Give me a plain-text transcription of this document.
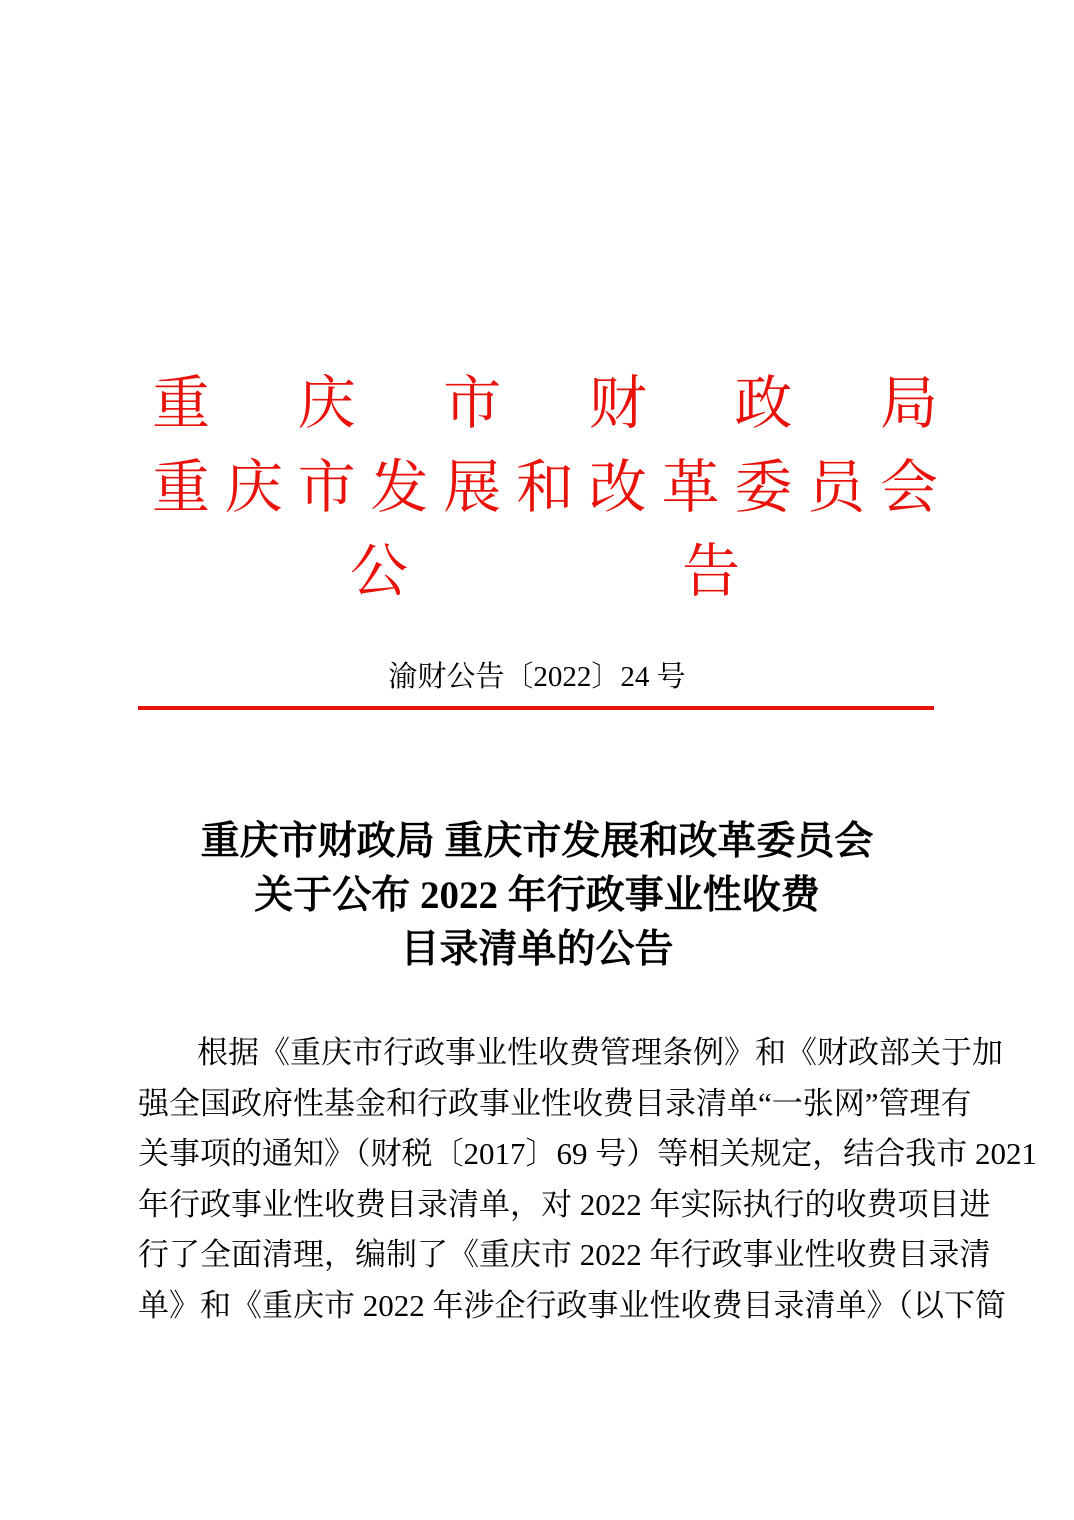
重 庆 市 财 政 局
重 庆 市 发 展 和 改 革 委 员 会
公	告
渝财公告〔2022〕24 号
重庆市财政局 重庆市发展和改革委员会
关于公布 2022 年行政事业性收费
目录清单的公告
根据《重庆市行政事业性收费管理条例》和《财政部关于加
强全国政府性基金和行政事业性收费目录清单“一张网”管理有
关事项的通知》（财税〔2017〕69 号）等相关规定，结合我市 2021
年行政事业性收费目录清单，对 2022 年实际执行的收费项目进
行了全面清理，编制了《重庆市 2022 年行政事业性收费目录清
单》和《重庆市 2022 年涉企行政事业性收费目录清单》（以下简
